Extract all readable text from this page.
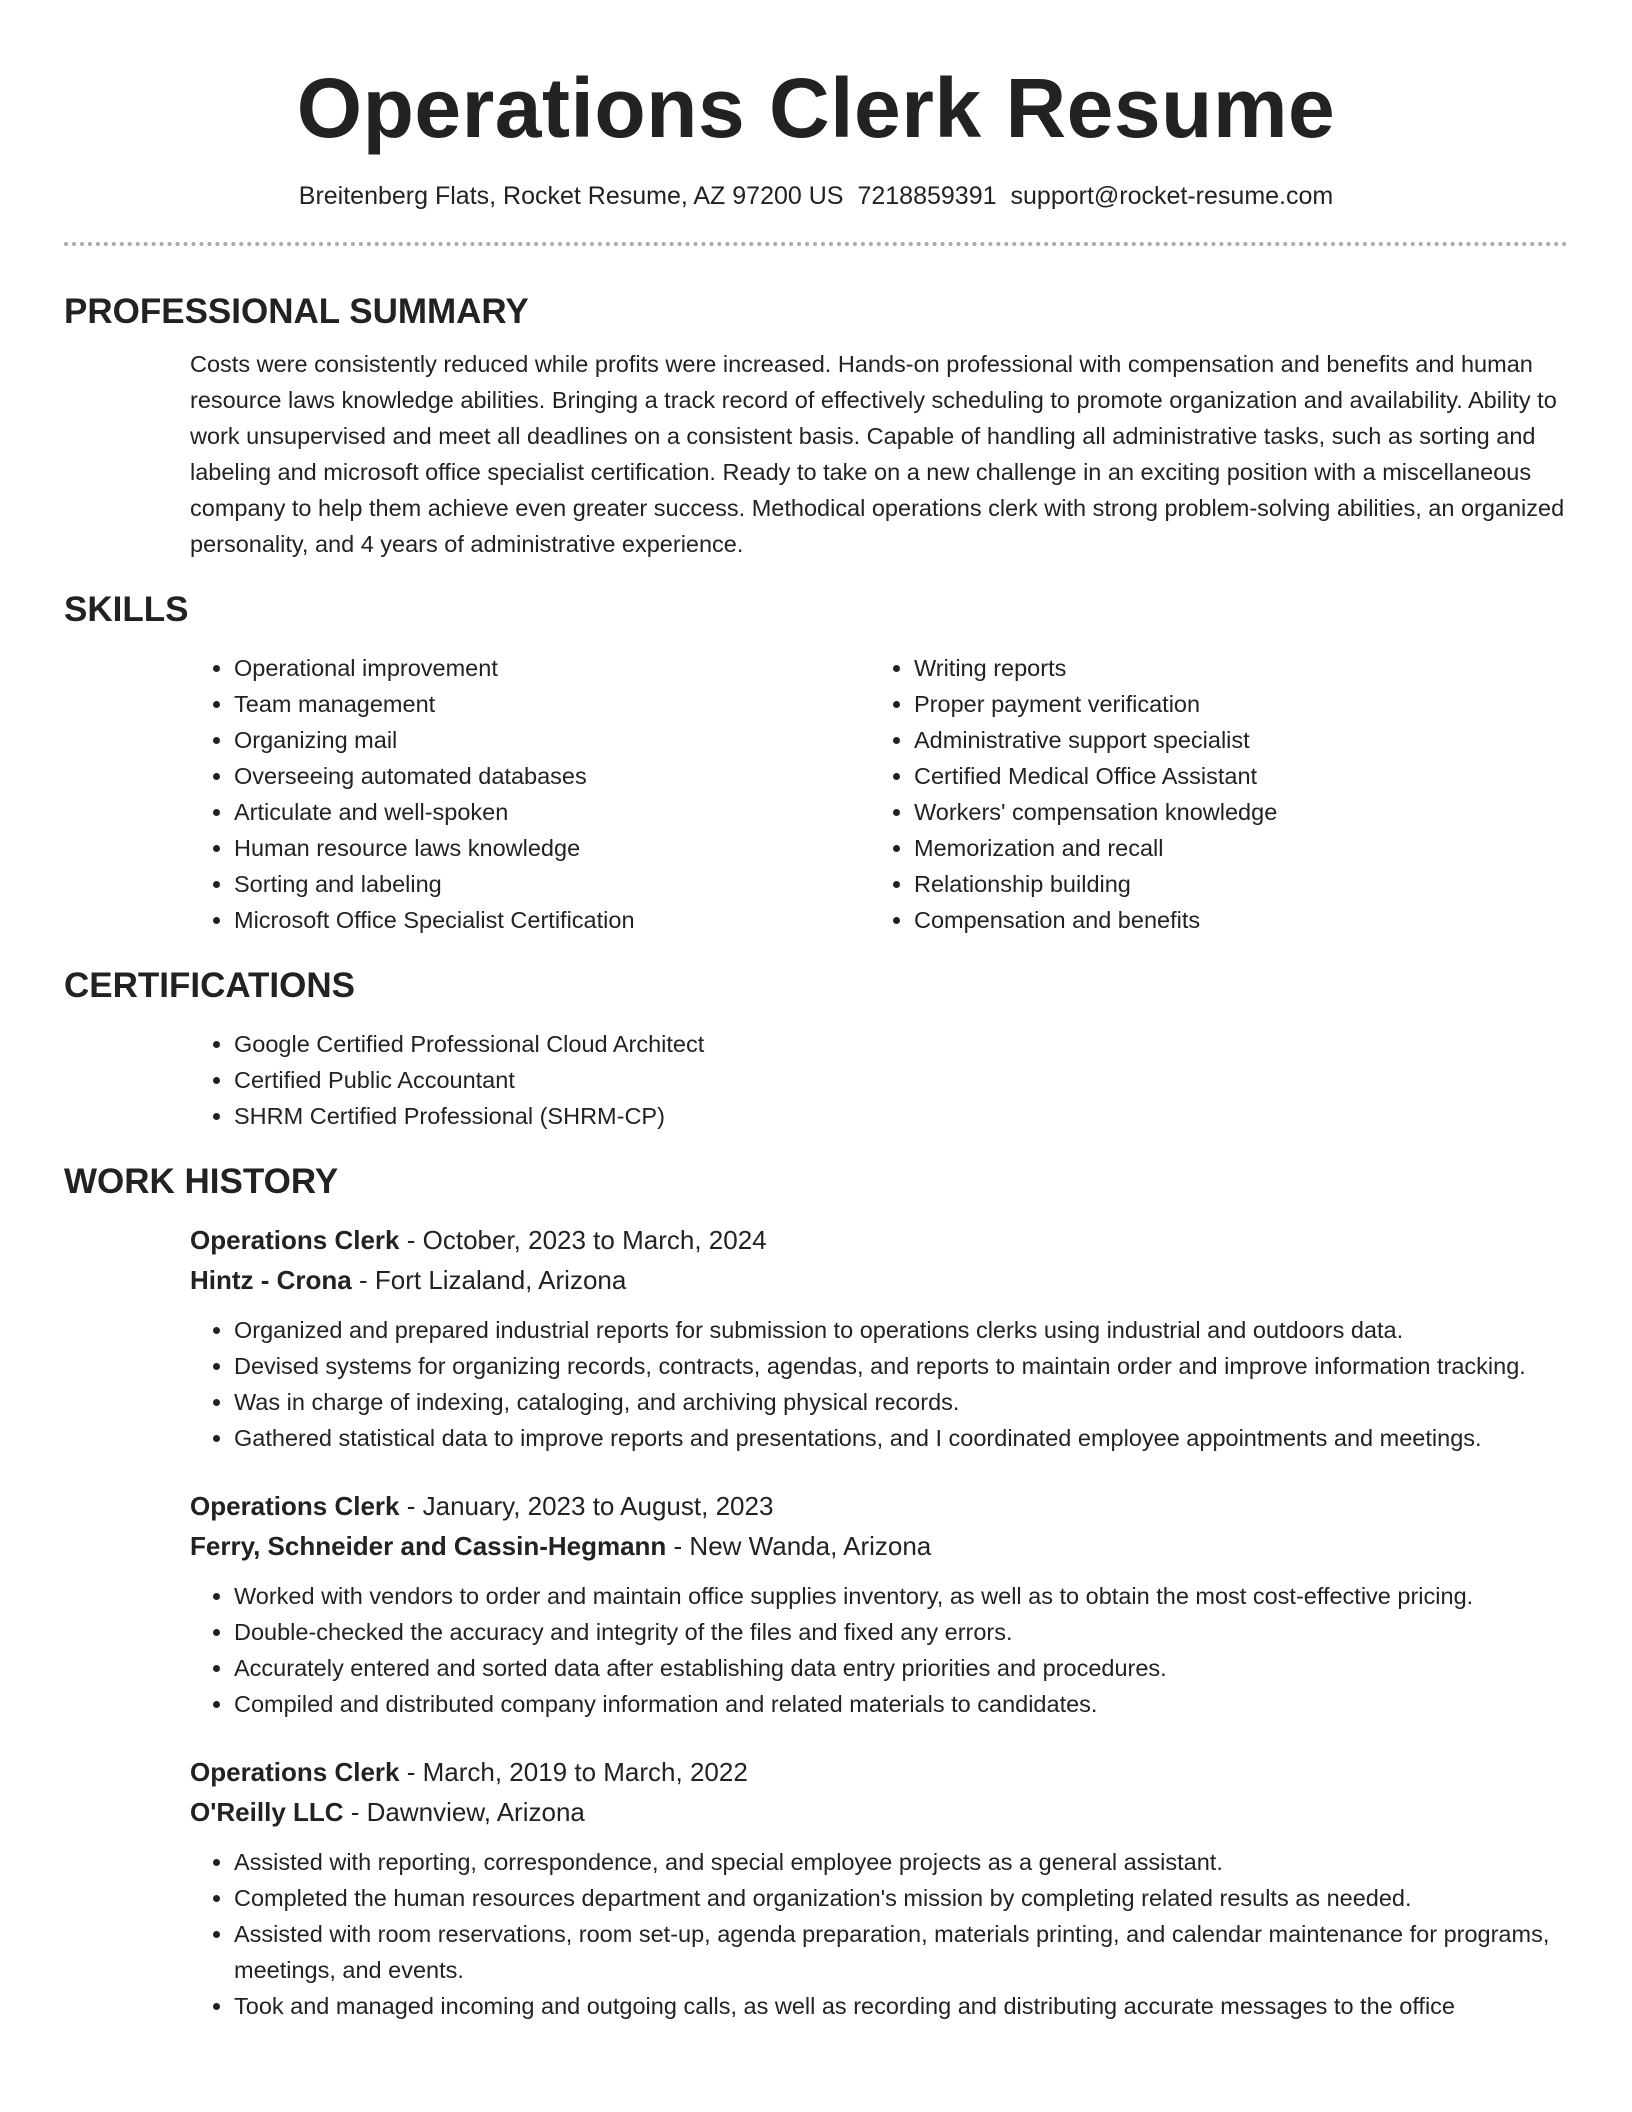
Operations Clerk Resume
Breitenberg Flats, Rocket Resume, AZ 97200 US 7218859391 support@rocket-resume.com
PROFESSIONAL SUMMARY

Costs were consistently reduced while profits were increased. Hands-on professional with compensation and benefits and human resource laws knowledge abilities. Bringing a track record of effectively scheduling to promote organization and availability. Ability to work unsupervised and meet all deadlines on a consistent basis. Capable of handling all administrative tasks, such as sorting and labeling and microsoft office specialist certification. Ready to take on a new challenge in an exciting position with a miscellaneous company to help them achieve even greater success. Methodical operations clerk with strong problem-solving abilities, an organized personality, and 4 years of administrative experience.

SKILLS
• Operational improvement
• Team management
• Organizing mail
• Overseeing automated databases
• Articulate and well-spoken
• Human resource laws knowledge
• Sorting and labeling
• Microsoft Office Specialist Certification
• Writing reports
• Proper payment verification
• Administrative support specialist
• Certified Medical Office Assistant
• Workers' compensation knowledge
• Memorization and recall
• Relationship building
• Compensation and benefits
CERTIFICATIONS
• Google Certified Professional Cloud Architect
• Certified Public Accountant
• SHRM Certified Professional (SHRM-CP)
WORK HISTORY
Operations Clerk - October, 2023 to March, 2024
Hintz - Crona - Fort Lizaland, Arizona
• Organized and prepared industrial reports for submission to operations clerks using industrial and outdoors data.
• Devised systems for organizing records, contracts, agendas, and reports to maintain order and improve information tracking.
• Was in charge of indexing, cataloging, and archiving physical records.
• Gathered statistical data to improve reports and presentations, and I coordinated employee appointments and meetings.
Operations Clerk - January, 2023 to August, 2023
Ferry, Schneider and Cassin-Hegmann - New Wanda, Arizona
• Worked with vendors to order and maintain office supplies inventory, as well as to obtain the most cost-effective pricing.
• Double-checked the accuracy and integrity of the files and fixed any errors.
• Accurately entered and sorted data after establishing data entry priorities and procedures.
• Compiled and distributed company information and related materials to candidates.
Operations Clerk - March, 2019 to March, 2022
O'Reilly LLC - Dawnview, Arizona
• Assisted with reporting, correspondence, and special employee projects as a general assistant.
• Completed the human resources department and organization's mission by completing related results as needed.
• Assisted with room reservations, room set-up, agenda preparation, materials printing, and calendar maintenance for programs, meetings, and events.
• Took and managed incoming and outgoing calls, as well as recording and distributing accurate messages to the office
